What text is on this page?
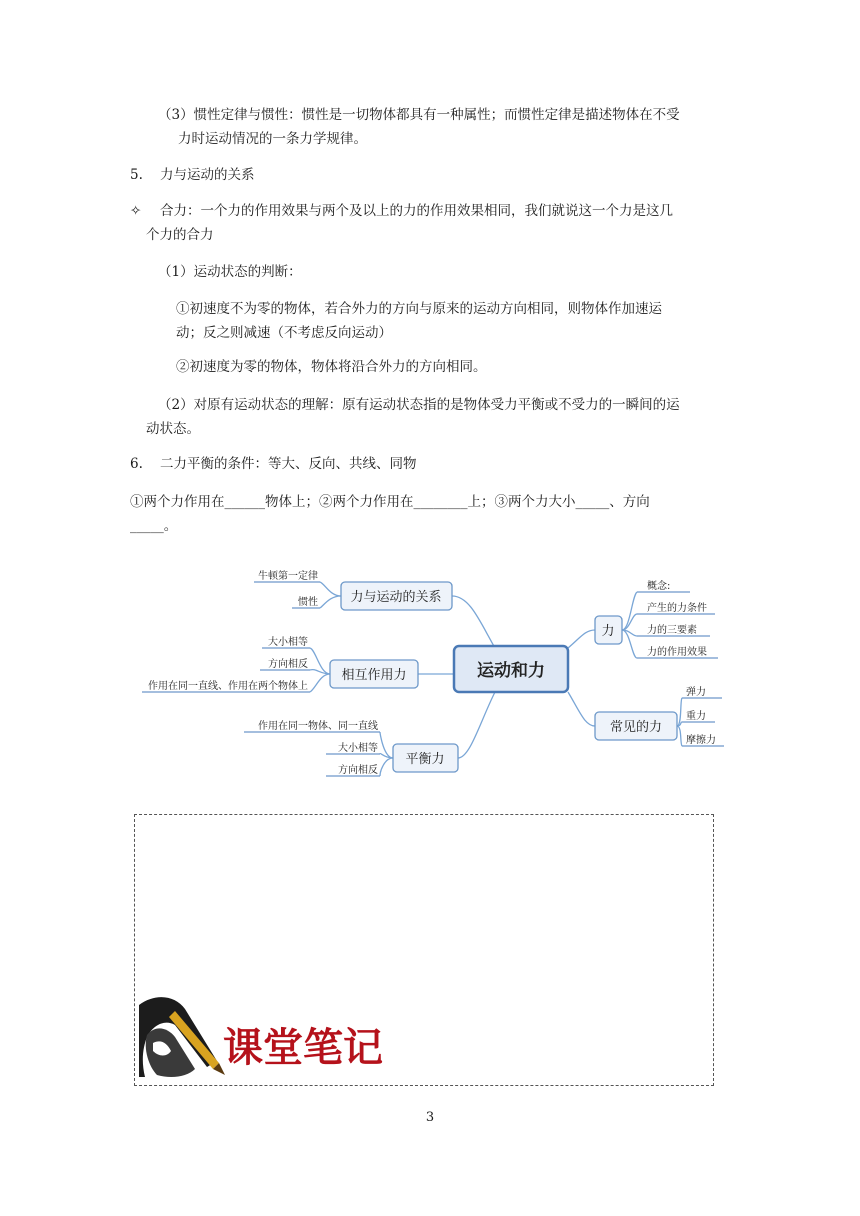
（3）惯性定律与惯性：惯性是一切物体都具有一种属性；而惯性定律是描述物体在不受
力时运动情况的一条力学规律。
5. 力与运动的关系
✧ 合力：一个力的作用效果与两个及以上的力的作用效果相同，我们就说这一个力是这几
个力的合力
（1）运动状态的判断：
①初速度不为零的物体，若合外力的方向与原来的运动方向相同，则物体作加速运
动；反之则减速（不考虑反向运动）
②初速度为零的物体，物体将沿合外力的方向相同。
（2）对原有运动状态的理解：原有运动状态指的是物体受力平衡或不受力的一瞬间的运
动状态。
6. 二力平衡的条件：等大、反向、共线、同物
①两个力作用在______物体上；②两个力作用在________上；③两个力大小_____、方向
_____。
运动和力
力与运动的关系
相互作用力
平衡力
力
常见的力
牛顿第一定律
惯性
大小相等
方向相反
作用在同一直线、作用在两个物体上
作用在同一物体、同一直线
大小相等
方向相反
概念:
产生的力条件
力的三要素
力的作用效果
弹力
重力
摩擦力
课堂笔记
3
